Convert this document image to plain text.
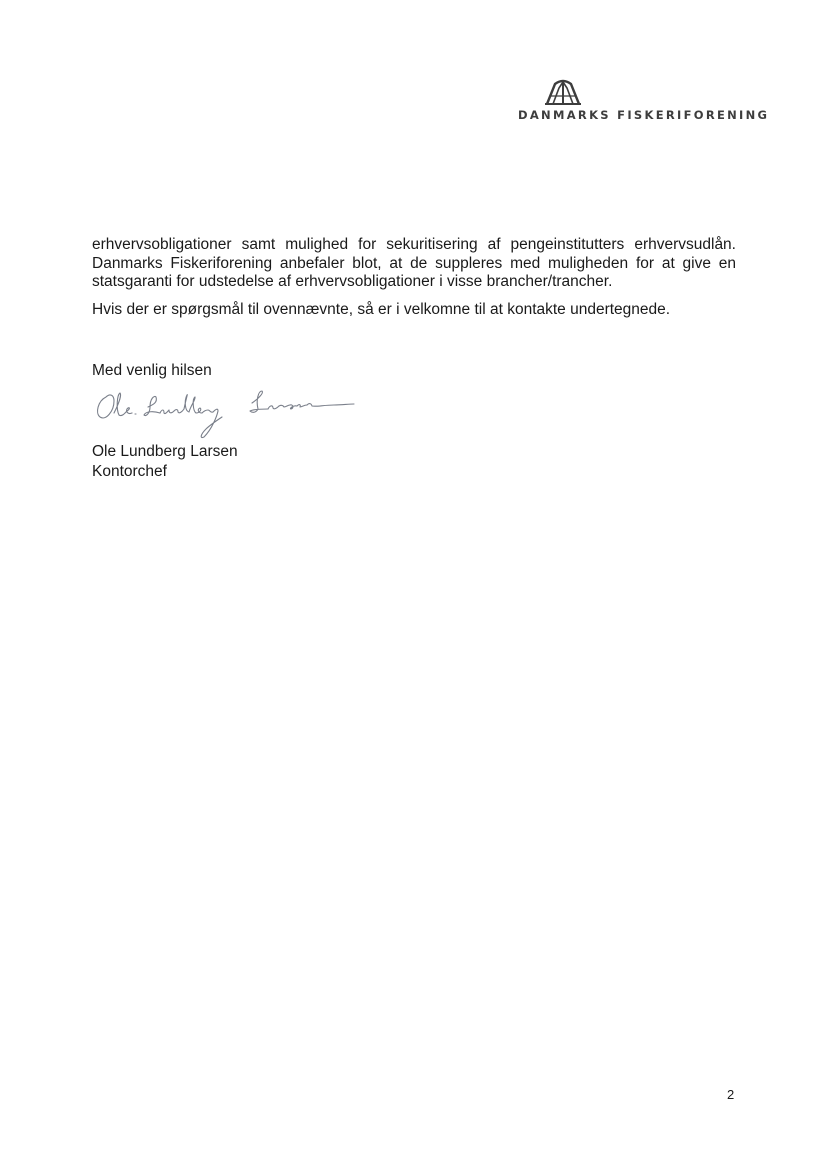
DANMARKS FISKERIFORENING

erhvervsobligationer samt mulighed for sekuritisering af pengeinstitutters erhvervsudlån. Danmarks Fiskeriforening anbefaler blot, at de suppleres med muligheden for at give en statsgaranti for udstedelse af erhvervsobligationer i visse brancher/trancher.

Hvis der er spørgsmål til ovennævnte, så er i velkomne til at kontakte undertegnede.

Med venlig hilsen
Ole Lundberg Larsen
Kontorchef
2
